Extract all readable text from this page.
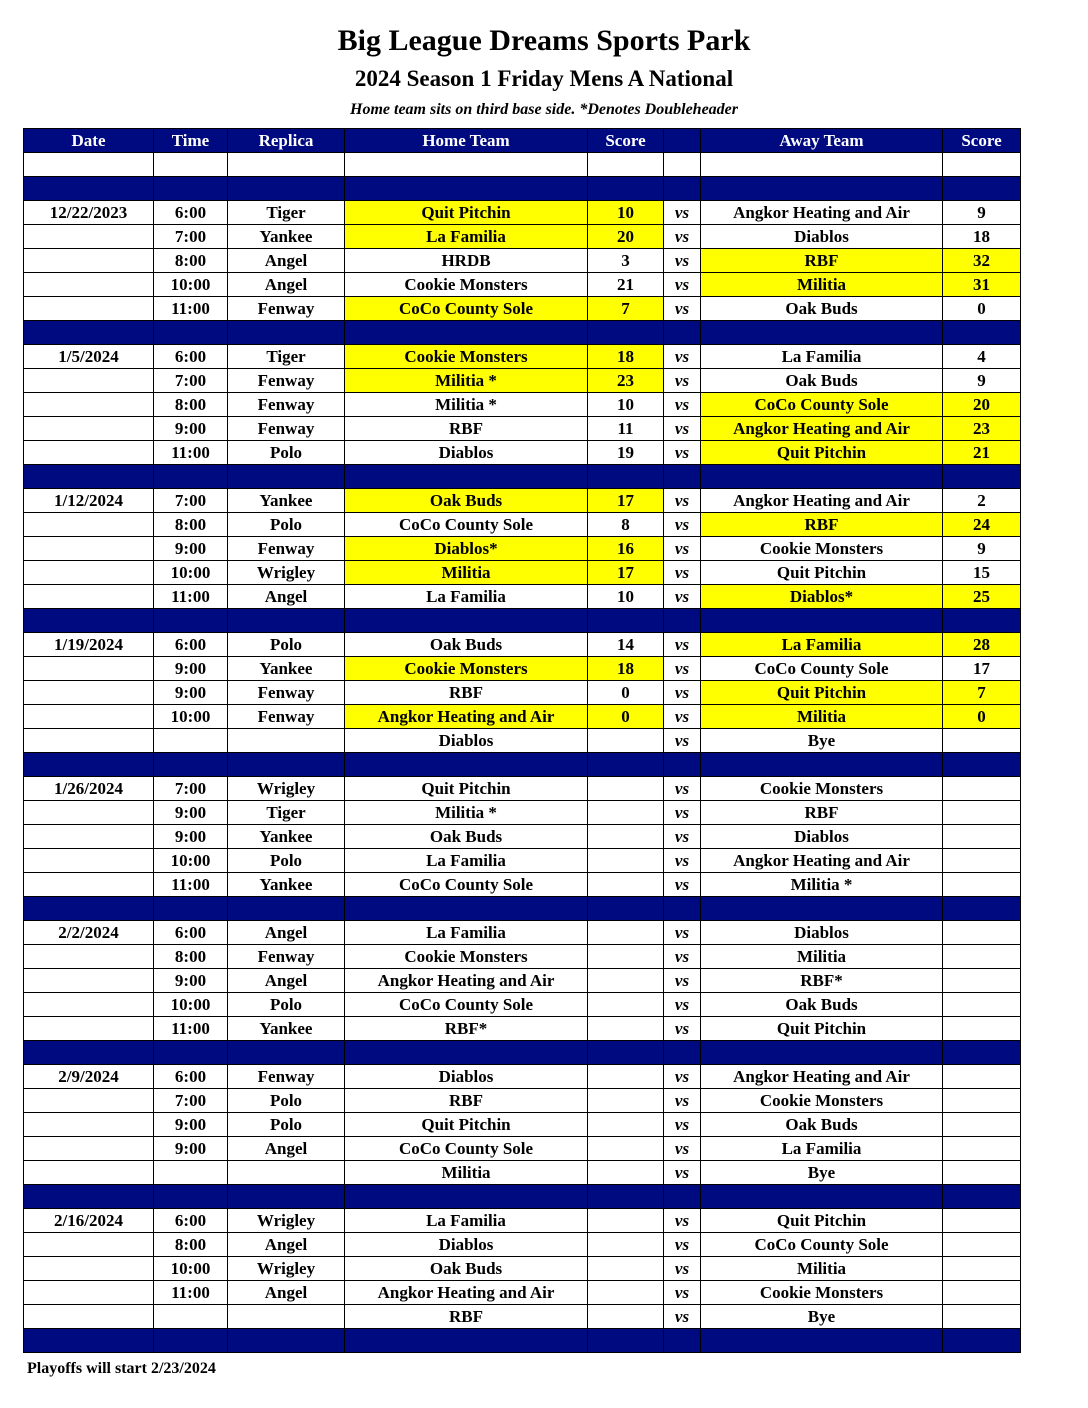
Big League Dreams Sports Park
2024 Season 1 Friday Mens A National
Home team sits on third base side. *Denotes Doubleheader
Date	Time	Replica	Home Team	Score		Away Team	Score

12/22/2023	6:00	Tiger	Quit Pitchin	10	vs	Angkor Heating and Air	9
	7:00	Yankee	La Familia	20	vs	Diablos	18
	8:00	Angel	HRDB	3	vs	RBF	32
	10:00	Angel	Cookie Monsters	21	vs	Militia	31
	11:00	Fenway	CoCo County Sole	7	vs	Oak Buds	0

1/5/2024	6:00	Tiger	Cookie Monsters	18	vs	La Familia	4
	7:00	Fenway	Militia *	23	vs	Oak Buds	9
	8:00	Fenway	Militia *	10	vs	CoCo County Sole	20
	9:00	Fenway	RBF	11	vs	Angkor Heating and Air	23
	11:00	Polo	Diablos	19	vs	Quit Pitchin	21

1/12/2024	7:00	Yankee	Oak Buds	17	vs	Angkor Heating and Air	2
	8:00	Polo	CoCo County Sole	8	vs	RBF	24
	9:00	Fenway	Diablos*	16	vs	Cookie Monsters	9
	10:00	Wrigley	Militia	17	vs	Quit Pitchin	15
	11:00	Angel	La Familia	10	vs	Diablos*	25

1/19/2024	6:00	Polo	Oak Buds	14	vs	La Familia	28
	9:00	Yankee	Cookie Monsters	18	vs	CoCo County Sole	17
	9:00	Fenway	RBF	0	vs	Quit Pitchin	7
	10:00	Fenway	Angkor Heating and Air	0	vs	Militia	0
			Diablos		vs	Bye	

1/26/2024	7:00	Wrigley	Quit Pitchin		vs	Cookie Monsters	
	9:00	Tiger	Militia *		vs	RBF	
	9:00	Yankee	Oak Buds		vs	Diablos	
	10:00	Polo	La Familia		vs	Angkor Heating and Air	
	11:00	Yankee	CoCo County Sole		vs	Militia *	

2/2/2024	6:00	Angel	La Familia		vs	Diablos	
	8:00	Fenway	Cookie Monsters		vs	Militia	
	9:00	Angel	Angkor Heating and Air		vs	RBF*	
	10:00	Polo	CoCo County Sole		vs	Oak Buds	
	11:00	Yankee	RBF*		vs	Quit Pitchin	

2/9/2024	6:00	Fenway	Diablos		vs	Angkor Heating and Air	
	7:00	Polo	RBF		vs	Cookie Monsters	
	9:00	Polo	Quit Pitchin		vs	Oak Buds	
	9:00	Angel	CoCo County Sole		vs	La Familia	
			Militia		vs	Bye	

2/16/2024	6:00	Wrigley	La Familia		vs	Quit Pitchin	
	8:00	Angel	Diablos		vs	CoCo County Sole	
	10:00	Wrigley	Oak Buds		vs	Militia	
	11:00	Angel	Angkor Heating and Air		vs	Cookie Monsters	
			RBF		vs	Bye	

Playoffs will start 2/23/2024
